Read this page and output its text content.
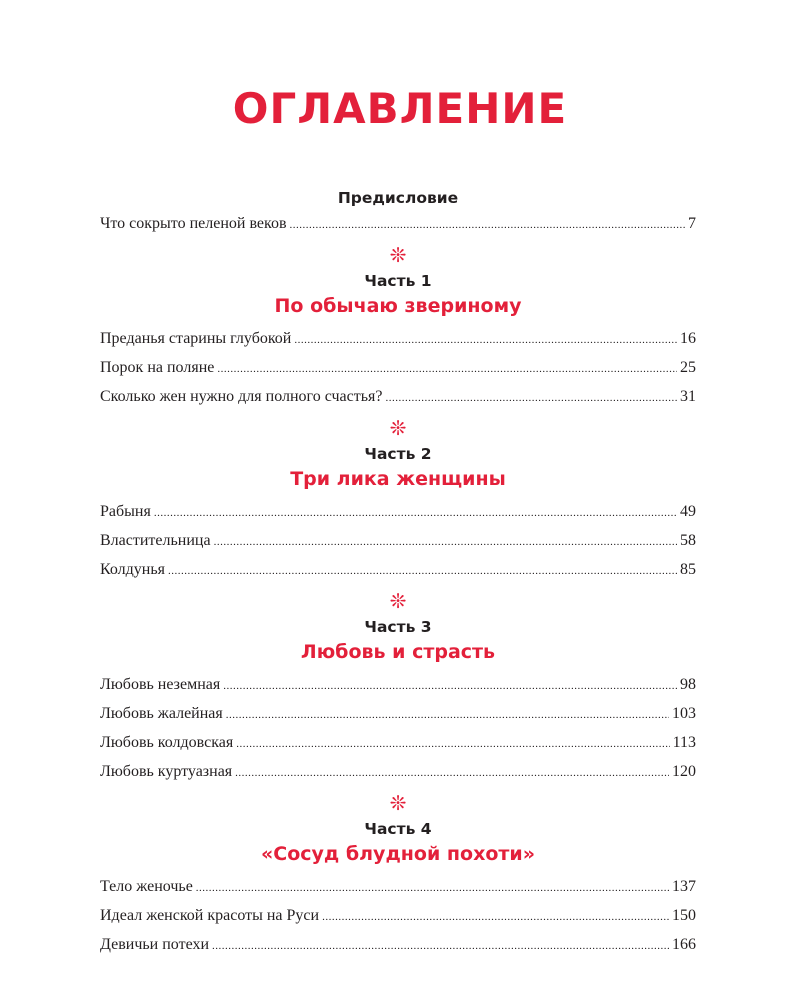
ОГЛАВЛЕНИЕ
Предисловие
Что сокрыто пеленой веков .....	7
❊
Часть 1
По обычаю звериному
Преданья старины глубокой .....	16
Порок на поляне .....	25
Сколько жен нужно для полного счастья? .....	31
❊
Часть 2
Три лика женщины
Рабыня .....	49
Властительница .....	58
Колдунья .....	85
❊
Часть 3
Любовь и страсть
Любовь неземная .....	98
Любовь жалейная .....	103
Любовь колдовская .....	113
Любовь куртуазная .....	120
❊
Часть 4
«Сосуд блудной похоти»
Тело женочье .....	137
Идеал женской красоты на Руси .....	150
Девичьи потехи .....	166
